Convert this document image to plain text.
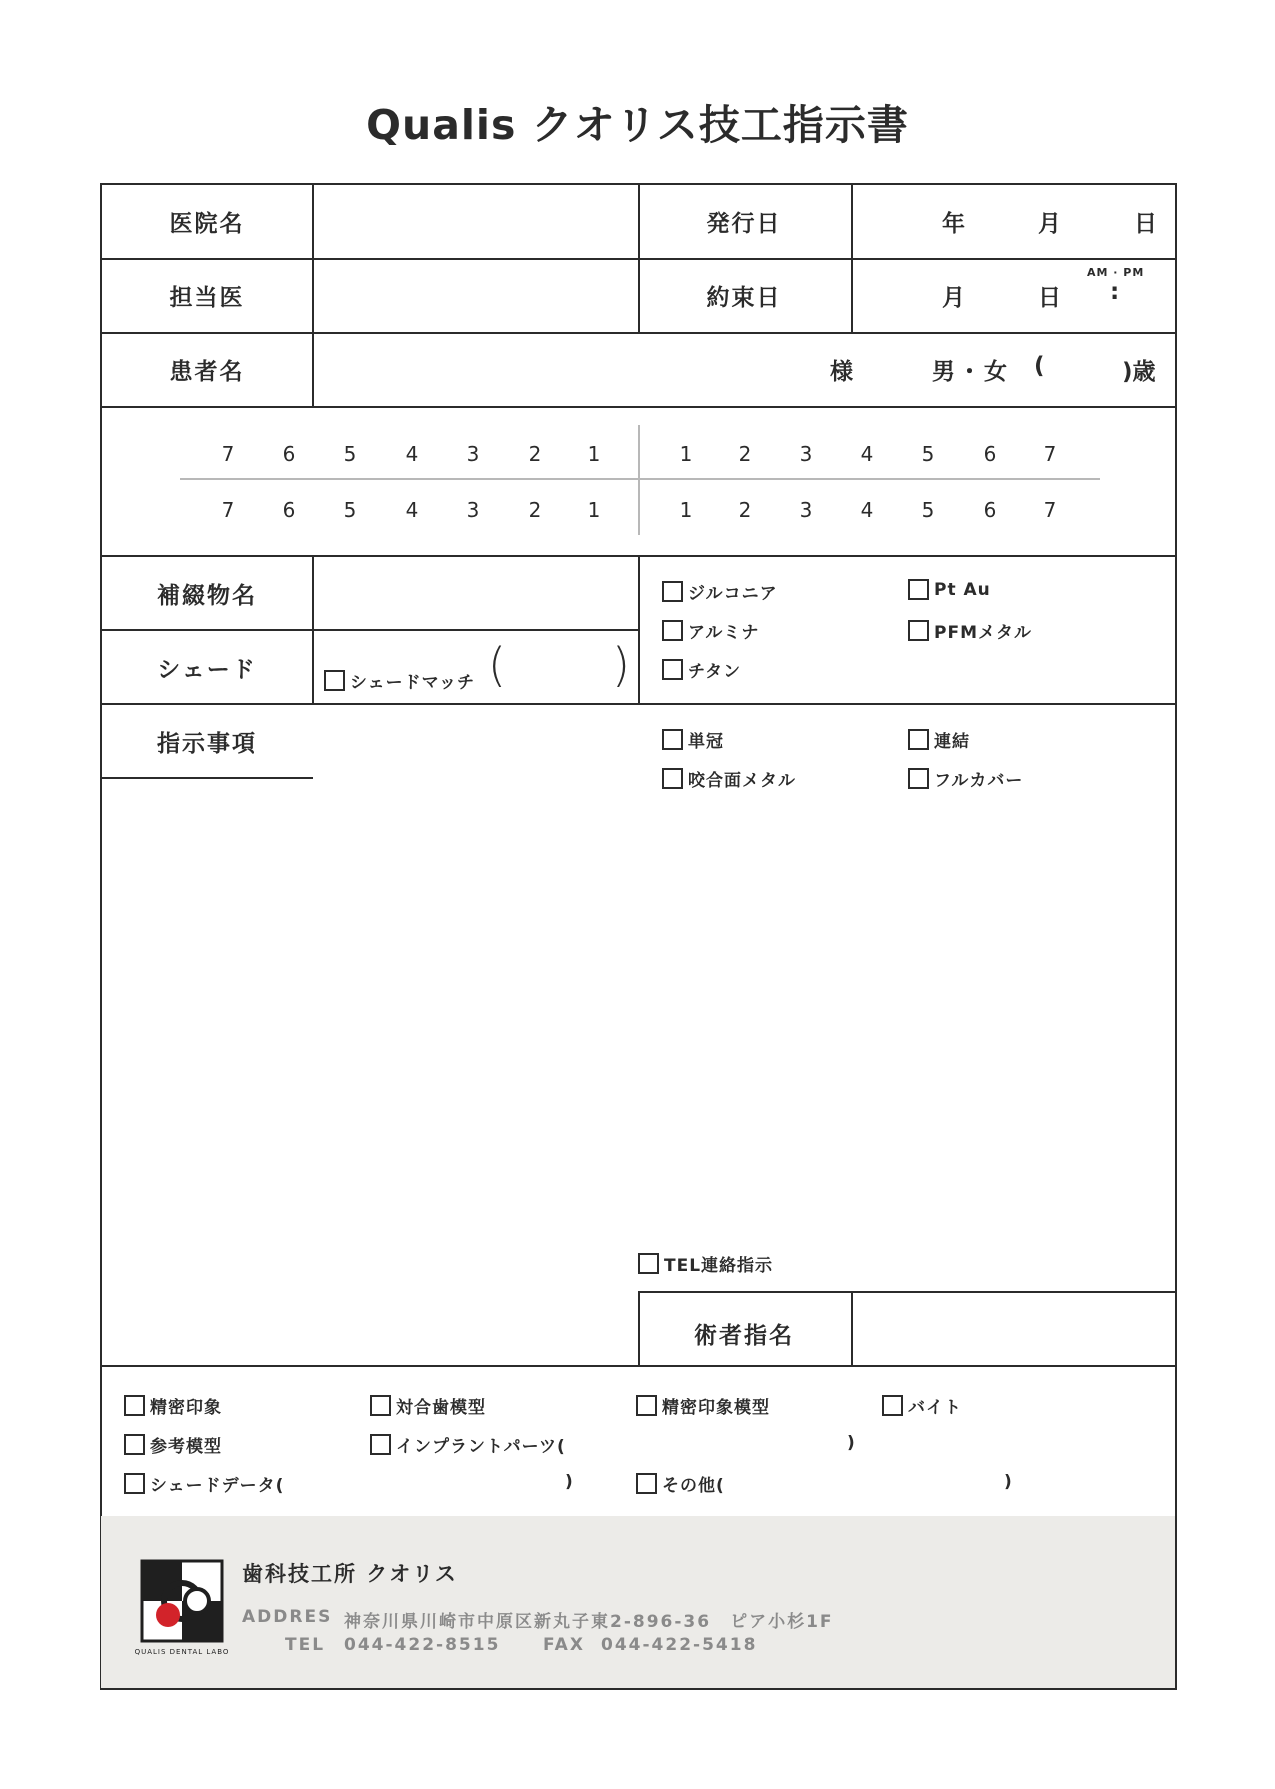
Qualis クオリス技工指示書
医院名	発行日	年	月	日
担当医	約束日	月	日
AM · PM
:
患者名	様	男・女 (	)歳
7 6 5 4 3 2 1	1 2 3 4 5 6 7
7 6 5 4 3 2 1	1 2 3 4 5 6 7
補綴物名
シェード	シェードマッチ ( )
ジルコニア	Pt Au
アルミナ	PFMメタル
チタン
指示事項	単冠	連結
咬合面メタル	フルカバー
TEL連絡指示
術者指名
精密印象	対合歯模型	精密印象模型	バイト
参考模型	インプラントパーツ(	)
シェードデータ(	)	その他(	)
QUALIS DENTAL LABO
歯科技工所 クオリス
ADDRES 神奈川県川崎市中原区新丸子東2-896-36　ピア小杉1F
TEL 044-422-8515	FAX 044-422-5418
